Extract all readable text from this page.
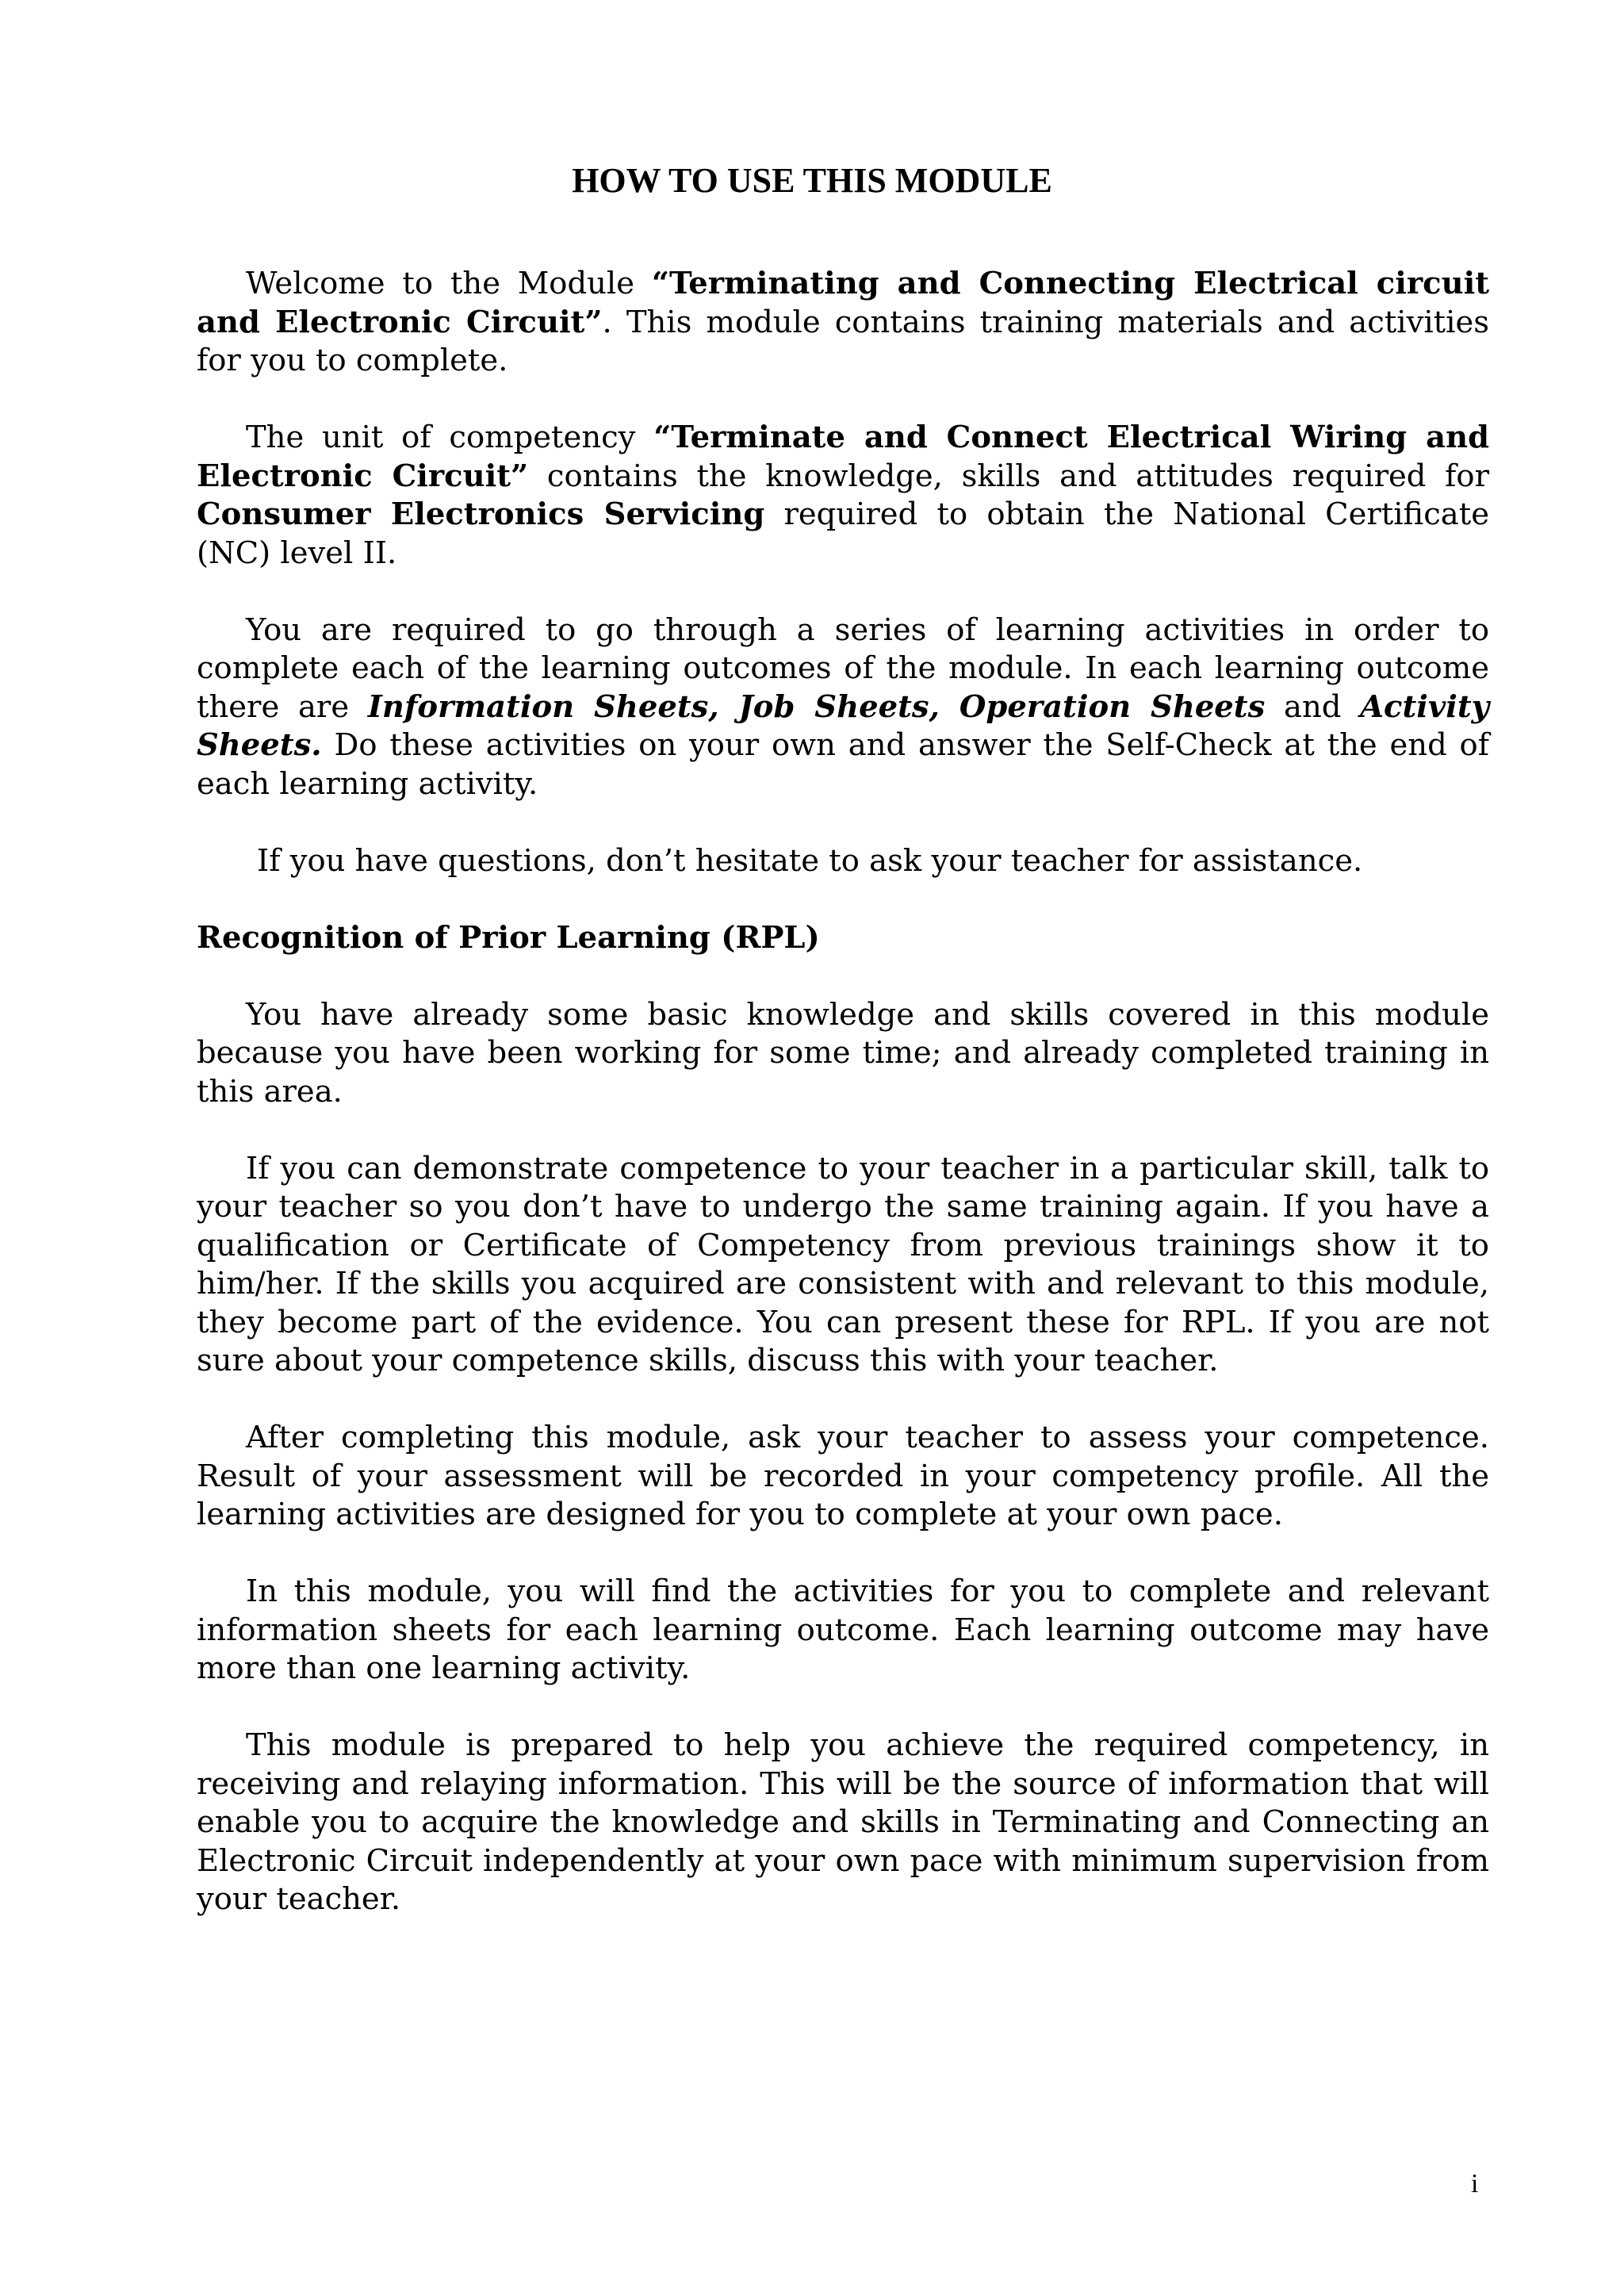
HOW TO USE THIS MODULE

Welcome to the Module “Terminating and Connecting Electrical circuit and Electronic Circuit”. This module contains training materials and activities for you to complete.

The unit of competency “Terminate and Connect Electrical Wiring and Electronic Circuit” contains the knowledge, skills and attitudes required for Consumer Electronics Servicing required to obtain the National Certificate (NC) level II.

You are required to go through a series of learning activities in order to complete each of the learning outcomes of the module. In each learning outcome there are Information Sheets, Job Sheets, Operation Sheets and Activity Sheets. Do these activities on your own and answer the Self-Check at the end of each learning activity.

If you have questions, don’t hesitate to ask your teacher for assistance.

Recognition of Prior Learning (RPL)

You have already some basic knowledge and skills covered in this module because you have been working for some time; and already completed training in this area.

If you can demonstrate competence to your teacher in a particular skill, talk to your teacher so you don’t have to undergo the same training again. If you have a qualification or Certificate of Competency from previous trainings show it to him/her. If the skills you acquired are consistent with and relevant to this module, they become part of the evidence. You can present these for RPL. If you are not sure about your competence skills, discuss this with your teacher.

After completing this module, ask your teacher to assess your competence. Result of your assessment will be recorded in your competency profile. All the learning activities are designed for you to complete at your own pace.

In this module, you will find the activities for you to complete and relevant information sheets for each learning outcome. Each learning outcome may have more than one learning activity.

This module is prepared to help you achieve the required competency, in receiving and relaying information. This will be the source of information that will enable you to acquire the knowledge and skills in Terminating and Connecting an Electronic Circuit independently at your own pace with minimum supervision from your teacher.

i
